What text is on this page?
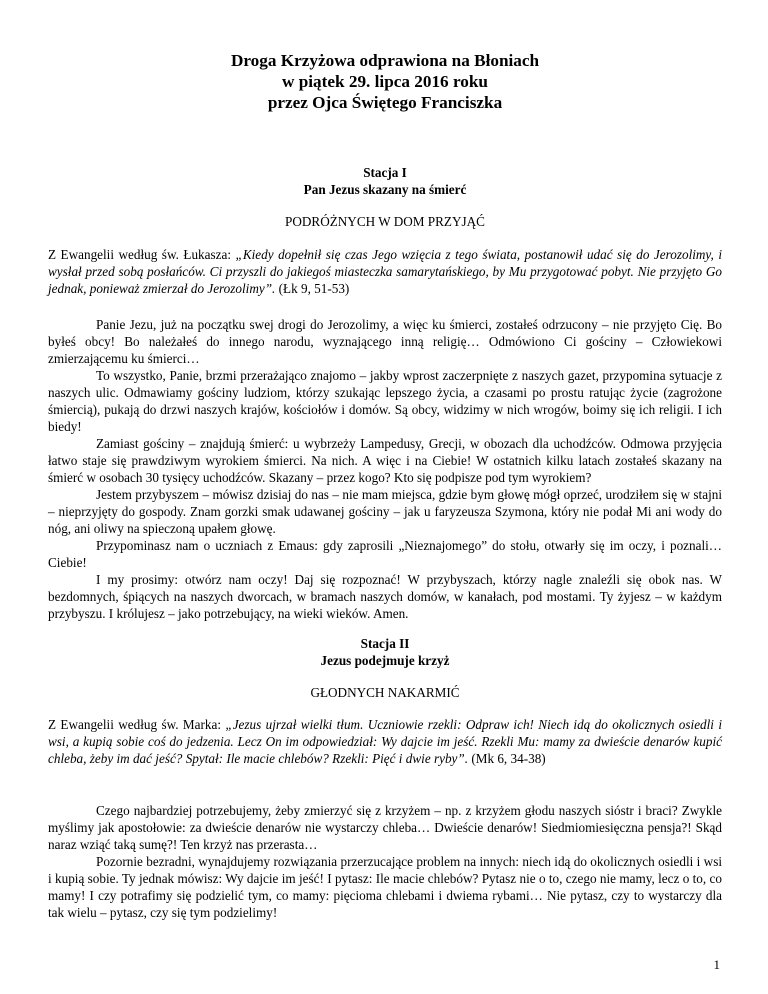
Droga Krzyżowa odprawiona na Błoniach
w piątek 29. lipca 2016 roku
przez Ojca Świętego Franciszka
Stacja I
Pan Jezus skazany na śmierć
PODRÓŻNYCH W DOM PRZYJĄĆ

Z Ewangelii według św. Łukasza: „Kiedy dopełnił się czas Jego wzięcia z tego świata, postanowił udać się do Jerozolimy, i wysłał przed sobą posłańców. Ci przyszli do jakiegoś miasteczka samarytańskiego, by Mu przygotować pobyt. Nie przyjęto Go jednak, ponieważ zmierzał do Jerozolimy”. (Łk 9, 51-53)

Panie Jezu, już na początku swej drogi do Jerozolimy, a więc ku śmierci, zostałeś odrzucony – nie przyjęto Cię. Bo byłeś obcy! Bo należałeś do innego narodu, wyznającego inną religię… Odmówiono Ci gościny – Człowiekowi zmierzającemu ku śmierci…

To wszystko, Panie, brzmi przerażająco znajomo – jakby wprost zaczerpnięte z naszych gazet, przypomina sytuacje z naszych ulic. Odmawiamy gościny ludziom, którzy szukając lepszego życia, a czasami po prostu ratując życie (zagrożone śmiercią), pukają do drzwi naszych krajów, kościołów i domów. Są obcy, widzimy w nich wrogów, boimy się ich religii. I ich biedy!

Zamiast gościny – znajdują śmierć: u wybrzeży Lampedusy, Grecji, w obozach dla uchodźców. Odmowa przyjęcia łatwo staje się prawdziwym wyrokiem śmierci. Na nich. A więc i na Ciebie! W ostatnich kilku latach zostałeś skazany na śmierć w osobach 30 tysięcy uchodźców. Skazany – przez kogo? Kto się podpisze pod tym wyrokiem?

Jestem przybyszem – mówisz dzisiaj do nas – nie mam miejsca, gdzie bym głowę mógł oprzeć, urodziłem się w stajni – nieprzyjęty do gospody. Znam gorzki smak udawanej gościny – jak u faryzeusza Szymona, który nie podał Mi ani wody do nóg, ani oliwy na spieczoną upałem głowę.

Przypominasz nam o uczniach z Emaus: gdy zaprosili „Nieznajomego” do stołu, otwarły się im oczy, i poznali… Ciebie!

I my prosimy: otwórz nam oczy! Daj się rozpoznać! W przybyszach, którzy nagle znaleźli się obok nas. W bezdomnych, śpiących na naszych dworcach, w bramach naszych domów, w kanałach, pod mostami. Ty żyjesz – w każdym przybyszu. I królujesz – jako potrzebujący, na wieki wieków. Amen.

Stacja II
Jezus podejmuje krzyż
GŁODNYCH NAKARMIĆ

Z Ewangelii według św. Marka: „Jezus ujrzał wielki tłum. Uczniowie rzekli: Odpraw ich! Niech idą do okolicznych osiedli i wsi, a kupią sobie coś do jedzenia. Lecz On im odpowiedział: Wy dajcie im jeść. Rzekli Mu: mamy za dwieście denarów kupić chleba, żeby im dać jeść? Spytał: Ile macie chlebów? Rzekli: Pięć i dwie ryby”. (Mk 6, 34-38)

Czego najbardziej potrzebujemy, żeby zmierzyć się z krzyżem – np. z krzyżem głodu naszych sióstr i braci? Zwykle myślimy jak apostołowie: za dwieście denarów nie wystarczy chleba… Dwieście denarów! Siedmiomiesięczna pensja?! Skąd naraz wziąć taką sumę?! Ten krzyż nas przerasta…

Pozornie bezradni, wynajdujemy rozwiązania przerzucające problem na innych: niech idą do okolicznych osiedli i wsi i kupią sobie. Ty jednak mówisz: Wy dajcie im jeść! I pytasz: Ile macie chlebów? Pytasz nie o to, czego nie mamy, lecz o to, co mamy! I czy potrafimy się podzielić tym, co mamy: pięcioma chlebami i dwiema rybami… Nie pytasz, czy to wystarczy dla tak wielu – pytasz, czy się tym podzielimy!

1
